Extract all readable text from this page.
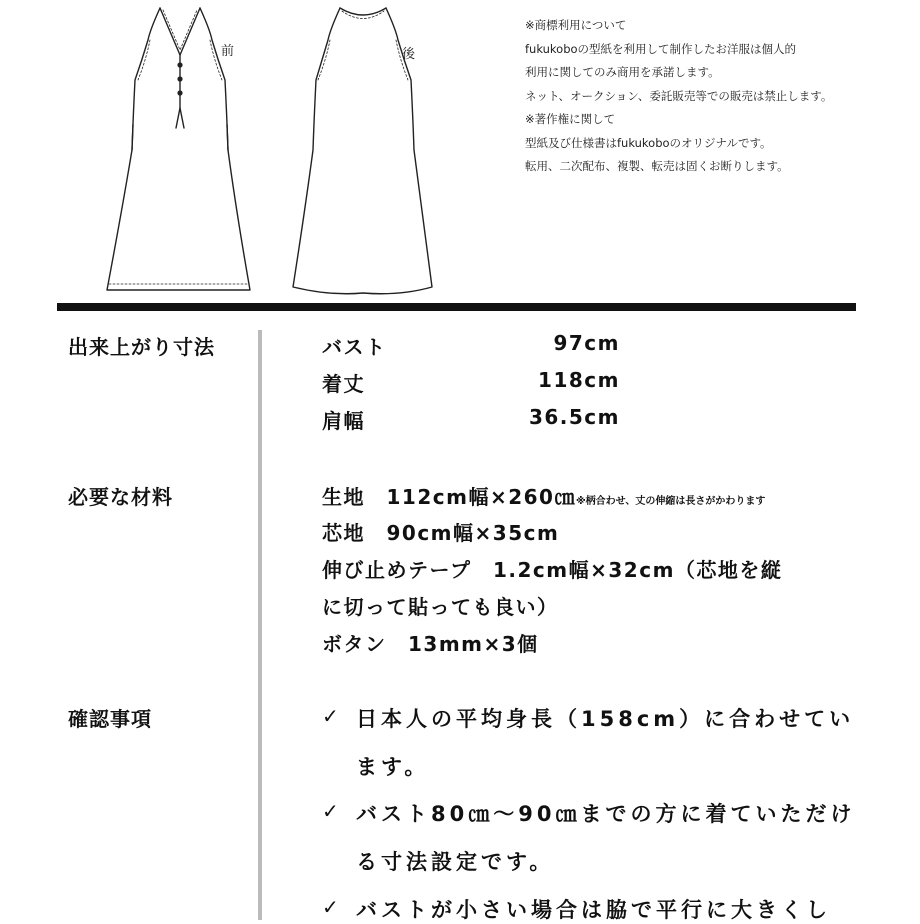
前	後
※商標利用について
fukukoboの型紙を利用して制作したお洋服は個人的
利用に関してのみ商用を承諾します。
ネット、オークション、委託販売等での販売は禁止します。
※著作権に関して
型紙及び仕様書はfukukoboのオリジナルです。
転用、二次配布、複製、転売は固くお断りします。
出来上がり寸法	バスト	97cm
着丈	118cm
肩幅	36.5cm
必要な材料	生地　112cm幅×260㎝※柄合わせ、丈の伸縮は長さがかわります
芯地　90cm幅×35cm
伸び止めテープ　1.2cm幅×32cm（芯地を縦
に切って貼っても良い）
ボタン　13mm×3個
確認事項	✓ 日本人の平均身長（158cm）に合わせてい
ます。
✓ バスト80㎝～90㎝までの方に着ていただけ
る寸法設定です。
✓ バストが小さい場合は脇で平行に大きくし
